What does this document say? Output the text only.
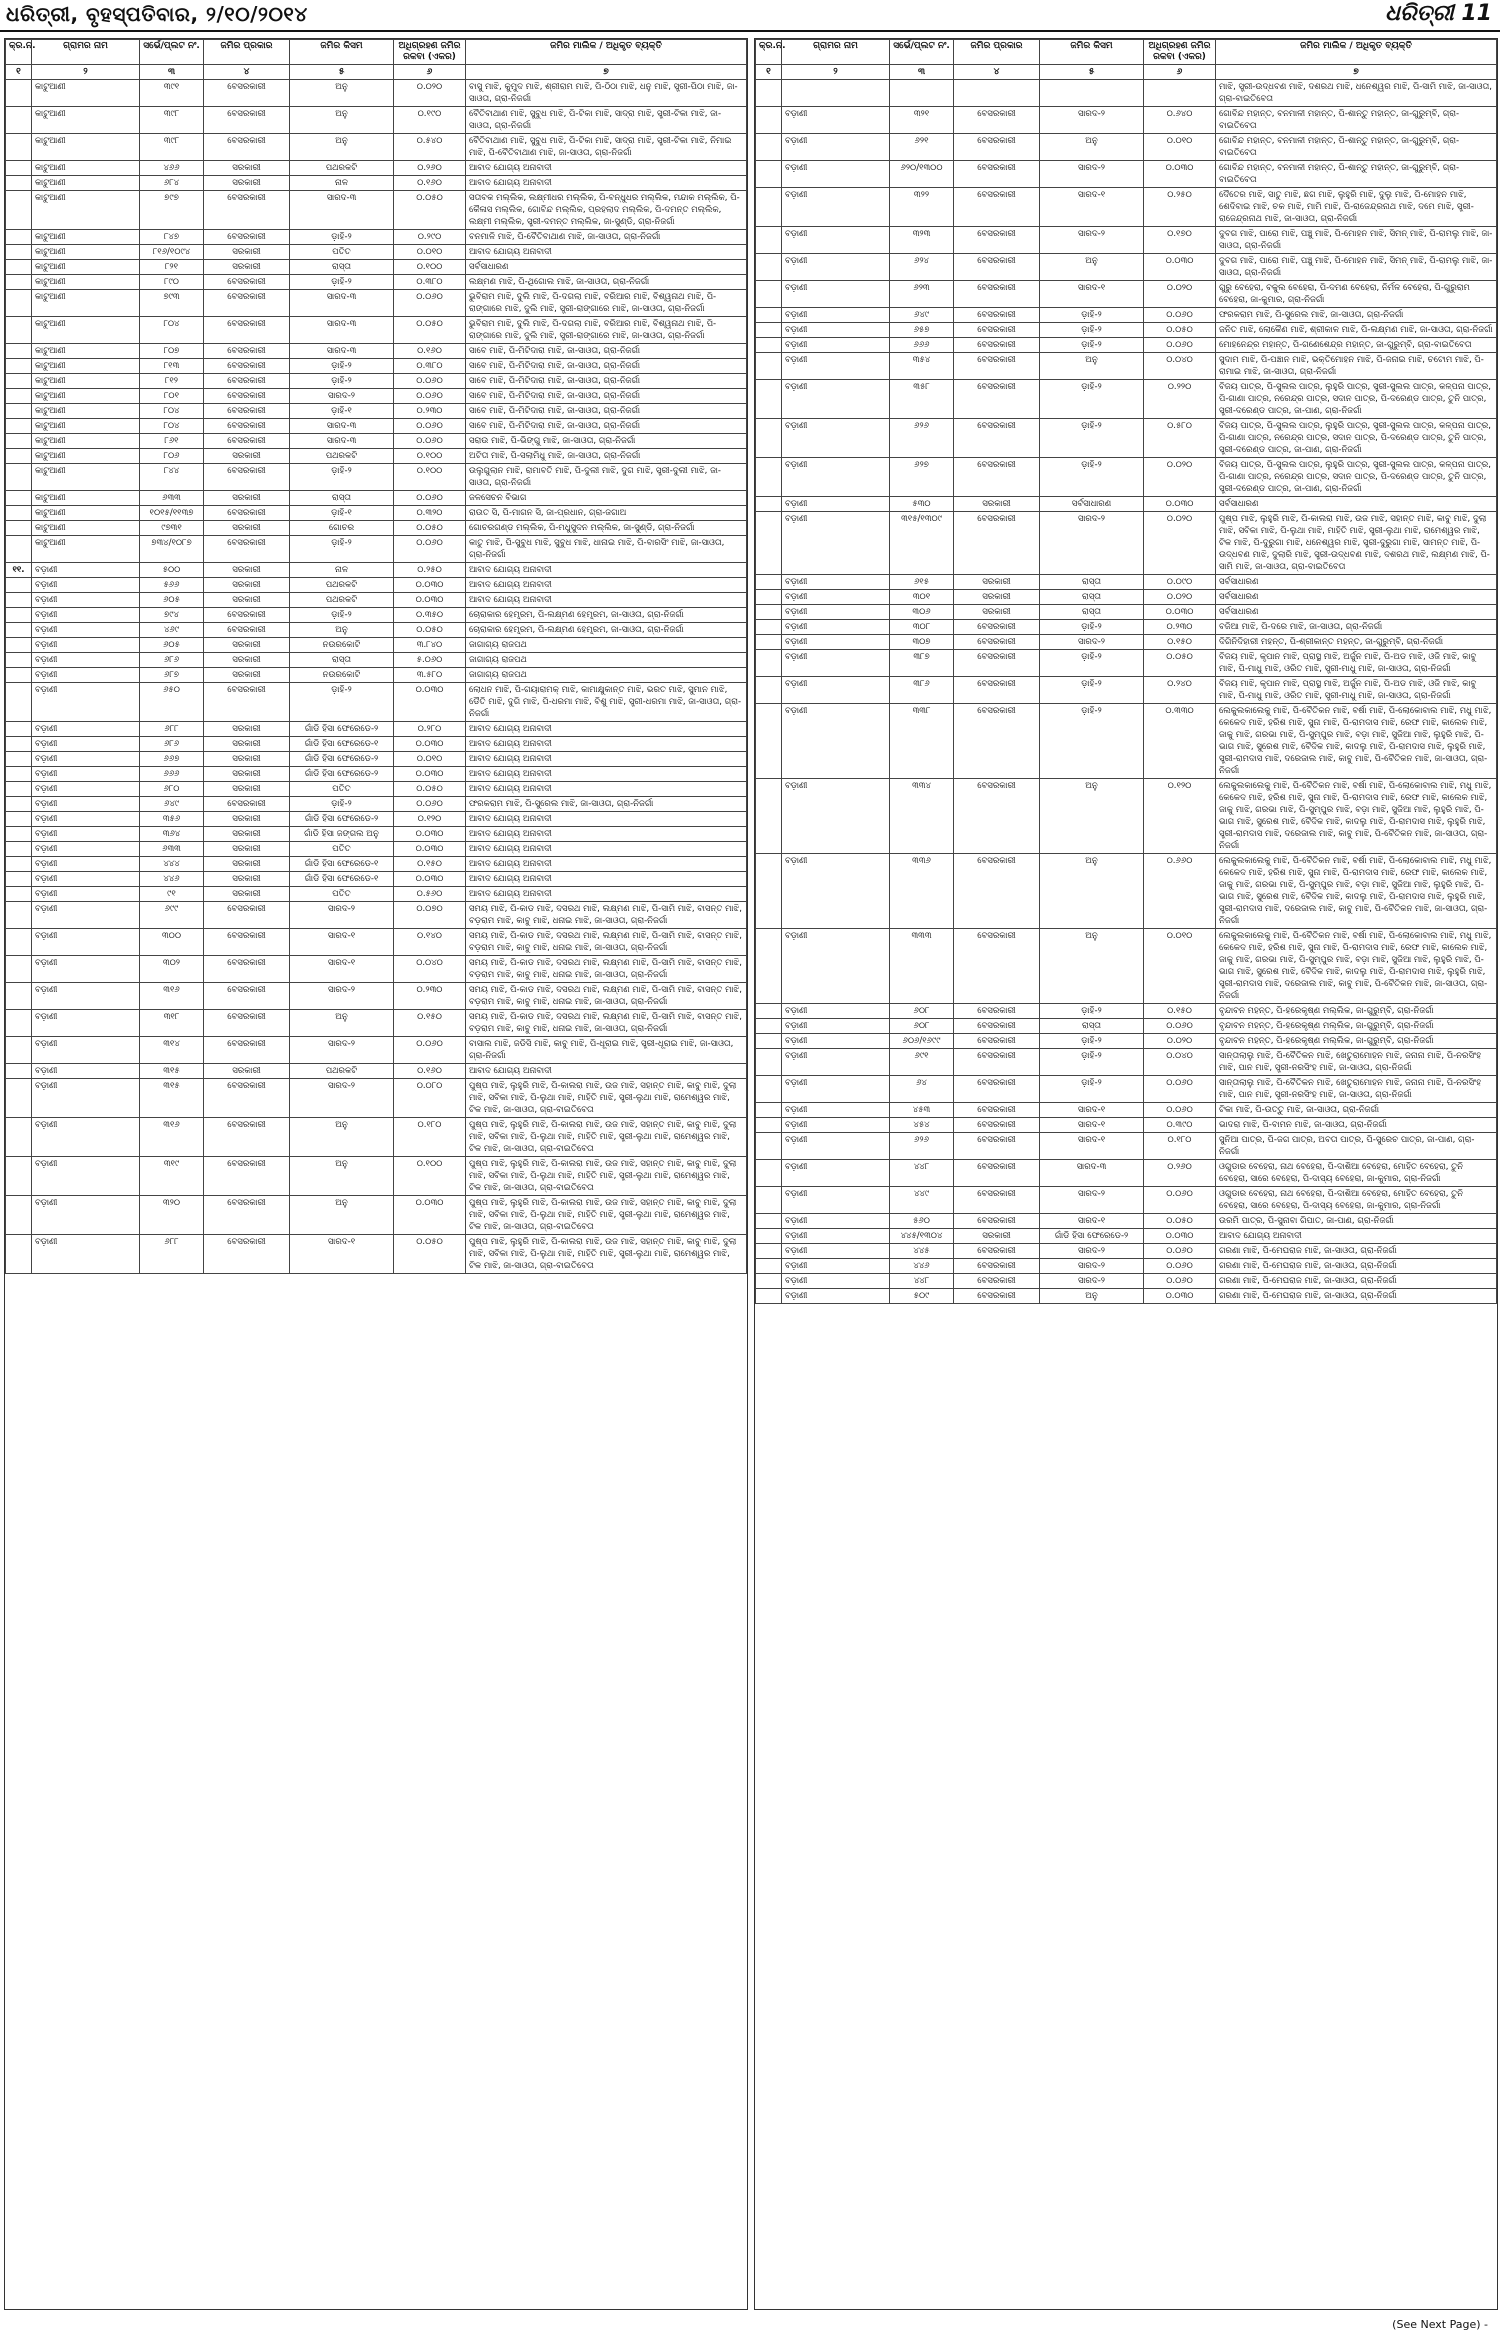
ଧରିତ୍ରୀ, ବୃହସ୍ପତିବାର, ୨/୧୦/୨୦୧୪	ଧରିତ୍ରୀ 11
କ୍ର.ନ.	ଗ୍ରାମର ନାମ	ସର୍ଭେ/ପ୍ଲଟ ନଂ.	ଜମିର ପ୍ରକାର	ଜମିର କିସମ	ଅଧିଗ୍ରହଣ ଜମିର ରକବା (ଏକର)	ଜମିର ମାଲିକ / ଅଧିକୃତ ବ୍ୟକ୍ତି
୧	୨	୩	୪	୫	୬	୭
	କାଟୁଆଣୀ	୩୯୧	ବେସରକାରୀ	ଅନୁ	୦.୦୨୦	ବାସୁ ମାଝି, କୁମୁଦ ମାଝି, ଶ୍ରୀରାମ ମାଝି, ପି-ଠିଠା ମାଝି, ଧନୁ ମାଝି, ସ୍ତ୍ରୀ-ପିଠା ମାଝି, ଜା-ସାଓତା, ଗ୍ରା-ନିଜର୍ଗା
	କାଟୁଆଣୀ	୩୯୮	ବେସରକାରୀ	ଅନୁ	୦.୧୯୦	ବୈତିବାଥାଣ ମାଝି, ସୁବୁଧ ମାଝି, ପି-ଟିକା ମାଝି, ସାଦ୍ରା ମାଝି, ସ୍ତ୍ରୀ-ଟିକା ମାଝି, ଜା-ସାଓତା, ଗ୍ରା-ନିଜର୍ଗା
	କାଟୁଆଣୀ	୩୯୮	ବେସରକାରୀ	ଅନୁ	୦.୫୪୦	ବୈତିବାଥାଣ ମାଝି, ସୁବୁଧ ମାଝି, ପି-ଟିକା ମାଝି, ସାଦ୍ରା ମାଝି, ସ୍ତ୍ରୀ-ଟିକା ମାଝି, ନିମାଇ ମାଝି, ପି-ବୈତିବାଥାଣ ମାଝି, ଜା-ସାଓତା, ଗ୍ରା-ନିଜର୍ଗା
	କାଟୁଆଣୀ	୪୬୬	ସରକାରୀ	ପଥରକଟି	୦.୨୬୦	ଆବାଦ ଯୋଗ୍ୟ ଅନାବାଦୀ
	କାଟୁଆଣୀ	୬୮୪	ସରକାରୀ	ନାଳ	୦.୧୬୦	ଆବାଦ ଯୋଗ୍ୟ ଅନାବାଦୀ
	କାଟୁଆଣୀ	୭୯୭	ବେସରକାରୀ	ସାରଦ-୩	୦.୦୫୦	ସତାବକ ମଲ୍ଲିକ, ଲକ୍ଷ୍ମୀଧର ମଲ୍ଲିକ, ପି-ବନ୍ଧୁଧର ମଲ୍ଲିକ, ମନ୍ଦାକ ମଲ୍ଲିକ, ପି-କୈଳାସ ମଲ୍ଲିକ, ଗୋବିନ୍ଦ ମଲ୍ଲିକ, ପ୍ରହଲାଦ ମଲ୍ଲିକ, ପି-ଦମନ୍ତ ମଲ୍ଲିକ, ଲକ୍ଷ୍ମୀ ମଲ୍ଲିକ, ସ୍ତ୍ରୀ-ଦମନ୍ତ ମଲ୍ଲିକ, ଜା-ସୁଣ୍ଡି, ଗ୍ରା-ନିଜର୍ଗା
	କାଟୁଆଣୀ	୮୪୭	ବେସରକାରୀ	ଡ଼ାହି-୨	୦.୨୯୦	ବନମାଳି ମାଝି, ପି-ବୈତିବାଥାଣ ମାଝି, ଜା-ସାଓତା, ଗ୍ରା-ନିଜର୍ଗା
	କାଟୁଆଣୀ	୮୧୬/୧୦୯୪	ସରକାରୀ	ପତିତ	୦.୦୧୦	ଆବାଦ ଯୋଗ୍ୟ ଅନାବାଦୀ
	କାଟୁଆଣୀ	୮୨୧	ସରକାରୀ	ରାସ୍ତା	୦.୧୦୦	ସର୍ବସାଧାରଣ
	କାଟୁଆଣୀ	୮୯୦	ବେସରକାରୀ	ଡ଼ାହି-୨	୦.୩୮୦	ଲକ୍ଷ୍ମଣ ମାଝି, ପି-ଥିଗୋଲ ମାଝି, ଜା-ସାଓତା, ଗ୍ରା-ନିଜର୍ଗା
	କାଟୁଆଣୀ	୭୯୩	ବେସରକାରୀ	ସାରଦ-୩	୦.୦୬୦	ଭୁବିରାମ ମାଝି, ଦୁଲି ମାଝି, ପି-ଦଗଲା ମାଝି, ବରିଆର ମାଝି, ବିଶ୍ୱନାଥ ମାଝି, ପି-ରାଙ୍ଗାରେ ମାଝି, ଦୁଲି ମାଝି, ସ୍ତ୍ରୀ-ରାଙ୍ଗାରେ ମାଝି, ଜା-ସାଓତା, ଗ୍ରା-ନିଜର୍ଗା
	କାଟୁଆଣୀ	୮୦୪	ବେସରକାରୀ	ସାରଦ-୩	୦.୦୫୦	ଭୁବିରାମ ମାଝି, ଦୁଲି ମାଝି, ପି-ଦଗଲା ମାଝି, ବରିଆର ମାଝି, ବିଶ୍ୱନାଥ ମାଝି, ପି-ରାଙ୍ଗାରେ ମାଝି, ଦୁଲି ମାଝି, ସ୍ତ୍ରୀ-ରାଙ୍ଗାରେ ମାଝି, ଜା-ସାଓତା, ଗ୍ରା-ନିଜର୍ଗା
	କାଟୁଆଣୀ	୮୦୭	ବେସରକାରୀ	ସାରଦ-୩	୦.୧୬୦	ସାବେ ମାଝି, ପି-ମିଟିଦାରା ମାଝି, ଜା-ସାଓତା, ଗ୍ରା-ନିଜର୍ଗା
	କାଟୁଆଣୀ	୮୧୩	ବେସରକାରୀ	ଡ଼ାହି-୨	୦.୩୮୦	ସାବେ ମାଝି, ପି-ମିଟିଦାରା ମାଝି, ଜା-ସାଓତା, ଗ୍ରା-ନିଜର୍ଗା
	କାଟୁଆଣୀ	୮୧୨	ବେସରକାରୀ	ଡ଼ାହି-୨	୦.୦୬୦	ସାବେ ମାଝି, ପି-ମିଟିଦାରା ମାଝି, ଜା-ସାଓତା, ଗ୍ରା-ନିଜର୍ଗା
	କାଟୁଆଣୀ	୮୦୧	ବେସରକାରୀ	ସାରଦ-୨	୦.୦୬୦	ସାବେ ମାଝି, ପି-ମିଟିଦାରା ମାଝି, ଜା-ସାଓତା, ଗ୍ରା-ନିଜର୍ଗା
	କାଟୁଆଣୀ	୮୦୪	ବେସରକାରୀ	ଡ଼ାହି-୧	୦.୨୩୦	ସାବେ ମାଝି, ପି-ମିଟିଦାରା ମାଝି, ଜା-ସାଓତା, ଗ୍ରା-ନିଜର୍ଗା
	କାଟୁଆଣୀ	୮୦୪	ବେସରକାରୀ	ସାରଦ-୩	୦.୦୬୦	ସାବେ ମାଝି, ପି-ମିଟିଦାରା ମାଝି, ଜା-ସାଓତା, ଗ୍ରା-ନିଜର୍ଗା
	କାଟୁଆଣୀ	୮୬୧	ବେସରକାରୀ	ସାରଦ-୩	୦.୦୬୦	ସରାଉ ମାଝି, ପି-ଭିଙ୍ଗୁ ମାଝି, ଜା-ସାଓତା, ଗ୍ରା-ନିଜର୍ଗା
	କାଟୁଆଣୀ	୮୦୬	ସରକାରୀ	ପଥରକଟି	୦.୧୦୦	ଅଟିତା ମାଝି, ପି-ସଲାମିଧୁ ମାଝି, ଜା-ସାଓତା, ଗ୍ରା-ନିଜର୍ଗା
	କାଟୁଆଣୀ	୮୪୪	ବେସରକାରୀ	ଡ଼ାହି-୨	୦.୧୦୦	ଉଲୁଗୁଲାନ ମାଝି, ରାମାବତି ମାଝି, ପି-ଦୁଲୀ ମାଝି, ଦୁଗ ମାଝି, ସ୍ତ୍ରୀ-ଦୁଲୀ ମାଝି, ଜା-ସାଓତା, ଗ୍ରା-ନିଜର୍ଗା
	କାଟୁଆଣୀ	୬୩୩	ସରକାରୀ	ରାସ୍ତା	୦.୦୬୦	ଜଳସେଚନ ବିଭାଗ
	କାଟୁଆଣୀ	୧୦୧୫/୧୧୩୭	ବେସରକାରୀ	ଡ଼ାହି-୧	୦.୩୨୦	ରାଉତ ସି, ପି-ମାଗନ ସି, ଜା-ପ୍ରଧାନ, ଗ୍ରା-ଜଗାଅ
	କାଟୁଆଣୀ	୯୭୩୧	ସରକାରୀ	ଗୋଚର	୦.୦୫୦	ଗୋଚରଗଣ୍ଡ ମଲ୍ଲିକ, ପି-ମଧୁସୁଦନ ମଲ୍ଲିକ, ଜା-ସୁଣ୍ଡି, ଗ୍ରା-ନିଜର୍ଗା
	କାଟୁଆଣୀ	୭୩୪/୧୦୮୭	ବେସରକାରୀ	ଡ଼ାହି-୨	୦.୦୬୦	କାତୁ ମାଝି, ପି-ସୁବୁଧ ମାଝି, ସୁବୁଧ ମାଝି, ଧାନାଇ ମାଝି, ପି-ବାରସିଂ ମାଝି, ଜା-ସାଓତା, ଗ୍ରା-ନିଜର୍ଗା
୧୧.	ବଡ଼ାଣୀ	୫୦୦	ସରକାରୀ	ନାଳ	୦.୨୫୦	ଆବାଦ ଯୋଗ୍ୟ ଅନାବାଦୀ
	ବଡ଼ାଣୀ	୫୬୬	ସରକାରୀ	ପଥରକଟି	୦.୦୩୦	ଆବାଦ ଯୋଗ୍ୟ ଅନାବାଦୀ
	ବଡ଼ାଣୀ	୬୦୫	ସରକାରୀ	ପଥରକଟି	୦.୦୩୦	ଆବାଦ ଯୋଗ୍ୟ ଅନାବାଦୀ
	ବଡ଼ାଣୀ	୭୯୪	ବେସରକାରୀ	ଡ଼ାହି-୨	୦.୩୫୦	ଚୋରାକାର ହେମ୍ବ୍ରମ, ପି-ଲକ୍ଷ୍ମଣ ହେମ୍ବ୍ରମ, ଜା-ସାଓତା, ଗ୍ରା-ନିଜର୍ଗା
	ବଡ଼ାଣୀ	୪୬୯	ବେସରକାରୀ	ଅନୁ	୦.୦୫୦	ଚୋରାକାର ହେମ୍ବ୍ରମ, ପି-ଲକ୍ଷ୍ମଣ ହେମ୍ବ୍ରମ, ଜା-ସାଓତା, ଗ୍ରା-ନିଜର୍ଗା
	ବଡ଼ାଣୀ	୬୦୫	ସରକାରୀ	ନଉରକୋଟି	୩.୮୪୦	ଜାଗାଗ୍ୟ ରାଜପଥ
	ବଡ଼ାଣୀ	୬୮୬	ସରକାରୀ	ରାସ୍ତା	୫.୦୬୦	ଜାଗାଗ୍ୟ ରାଜପଥ
	ବଡ଼ାଣୀ	୬୮୭	ସରକାରୀ	ନଉରକୋଟି	୩.୫୮୦	ଜାଗାଗ୍ୟ ରାଜପଥ
	ବଡ଼ାଣୀ	୬୫୦	ବେସରକାରୀ	ଡ଼ାହି-୨	୦.୦୩୦	ଲୋଧନ ମାଝି, ପି-ଗୟାରାମକ୍ ମାଝି, କାମାକ୍ଷୁକାନ୍ତ ମାଝି, ଭରତ ମାଝି, ସୁମାନ ମାଝି, ଡୈତି ମାଝି, ଦୁଗି ମାଝି, ପି-ଧରମା ମାଝି, ବିଶୁ ମାଝି, ସ୍ତ୍ରୀ-ଧରମା ମାଝି, ଜା-ସାଓତା, ଗ୍ରା-ନିଜର୍ଗା
	ବଡ଼ାଣୀ	୬୮୮	ସରକାରୀ	ଗାଁଡି ହିସା ଫେରେଡେ-୨	୦.୨୮୦	ଆବାଦ ଯୋଗ୍ୟ ଅନାବାଦୀ
	ବଡ଼ାଣୀ	୬୮୬	ସରକାରୀ	ଗାଁଡି ହିସା ଫେରେଡେ-୧	୦.୦୩୦	ଆବାଦ ଯୋଗ୍ୟ ଅନାବାଦୀ
	ବଡ଼ାଣୀ	୬୬୭	ସରକାରୀ	ଗାଁଡି ହିସା ଫେରେଡେ-୨	୦.୦୧୦	ଆବାଦ ଯୋଗ୍ୟ ଅନାବାଦୀ
	ବଡ଼ାଣୀ	୬୬୬	ସରକାରୀ	ଗାଁଡି ହିସା ଫେରେଡେ-୨	୦.୦୩୦	ଆବାଦ ଯୋଗ୍ୟ ଅନାବାଦୀ
	ବଡ଼ାଣୀ	୬୮୦	ସରକାରୀ	ପତିତ	୦.୦୫୦	ଆବାଦ ଯୋଗ୍ୟ ଅନାବାଦୀ
	ବଡ଼ାଣୀ	୬୪୯	ବେସରକାରୀ	ଡ଼ାହି-୨	୦.୦୬୦	ଫରକରାମ ମାଝି, ପି-ସୁରେଲ ମାଝି, ଜା-ସାଓତା, ଗ୍ରା-ନିଜର୍ଗା
	ବଡ଼ାଣୀ	୩୫୬	ସରକାରୀ	ଗାଁଡି ହିସା ଫେରେଡେ-୨	୦.୧୨୦	ଆବାଦ ଯୋଗ୍ୟ ଅନାବାଦୀ
	ବଡ଼ାଣୀ	୩୬୪	ସରକାରୀ	ଗାଁଡି ହିସା ଜଙ୍ଗଲ ଅନୁ	୦.୦୩୦	ଆବାଦ ଯୋଗ୍ୟ ଅନାବାଦୀ
	ବଡ଼ାଣୀ	୬୩୩	ସରକାରୀ	ପତିତ	୦.୦୩୦	ଆବାଦ ଯୋଗ୍ୟ ଅନାବାଦୀ
	ବଡ଼ାଣୀ	୪୪୪	ସରକାରୀ	ଗାଁଡି ହିସା ଫେରେଡେ-୧	୦.୧୫୦	ଆବାଦ ଯୋଗ୍ୟ ଅନାବାଦୀ
	ବଡ଼ାଣୀ	୪୪୬	ସରକାରୀ	ଗାଁଡି ହିସା ଫେରେଡେ-୧	୦.୦୩୦	ଆବାଦ ଯୋଗ୍ୟ ଅନାବାଦୀ
	ବଡ଼ାଣୀ	୯୧	ସରକାରୀ	ପତିତ	୦.୫୬୦	ଆବାଦ ଯୋଗ୍ୟ ଅନାବାଦୀ
	ବଡ଼ାଣୀ	୬୯୯	ବେସରକାରୀ	ସାରଦ-୨	୦.୦୭୦	ସମୟ ମାଝି, ପି-କାଡ ମାଝି, ଦସରଥ ମାଝି, ଲକ୍ଷ୍ମଣ ମାଝି, ପି-ସାମି ମାଝି, ବାସନ୍ତ ମାଝି, ବଡ଼ରାମ ମାଝି, କାବୁ ମାଝି, ଧନାଇ ମାଝି, ଜା-ସାଓତା, ଗ୍ରା-ନିଜର୍ଗା
	ବଡ଼ାଣୀ	୩୦୦	ବେସରକାରୀ	ସାରଦ-୧	୦.୧୪୦	ସମୟ ମାଝି, ପି-କାଡ ମାଝି, ଦସରଥ ମାଝି, ଲକ୍ଷ୍ମଣ ମାଝି, ପି-ସାମି ମାଝି, ବାସନ୍ତ ମାଝି, ବଡ଼ରାମ ମାଝି, କାବୁ ମାଝି, ଧନାଇ ମାଝି, ଜା-ସାଓତା, ଗ୍ରା-ନିଜର୍ଗା
	ବଡ଼ାଣୀ	୩୦୨	ବେସରକାରୀ	ସାରଦ-୧	୦.୦୪୦	ସମୟ ମାଝି, ପି-କାଡ ମାଝି, ଦସରଥ ମାଝି, ଲକ୍ଷ୍ମଣ ମାଝି, ପି-ସାମି ମାଝି, ବାସନ୍ତ ମାଝି, ବଡ଼ରାମ ମାଝି, କାବୁ ମାଝି, ଧନାଇ ମାଝି, ଜା-ସାଓତା, ଗ୍ରା-ନିଜର୍ଗା
	ବଡ଼ାଣୀ	୩୧୬	ବେସରକାରୀ	ସାରଦ-୨	୦.୨୩୦	ସମୟ ମାଝି, ପି-କାଡ ମାଝି, ଦସରଥ ମାଝି, ଲକ୍ଷ୍ମଣ ମାଝି, ପି-ସାମି ମାଝି, ବାସନ୍ତ ମାଝି, ବଡ଼ରାମ ମାଝି, କାବୁ ମାଝି, ଧନାଇ ମାଝି, ଜା-ସାଓତା, ଗ୍ରା-ନିଜର୍ଗା
	ବଡ଼ାଣୀ	୩୧୮	ବେସରକାରୀ	ଅନୁ	୦.୧୫୦	ସମୟ ମାଝି, ପି-କାଡ ମାଝି, ଦସରଥ ମାଝି, ଲକ୍ଷ୍ମଣ ମାଝି, ପି-ସାମି ମାଝି, ବାସନ୍ତ ମାଝି, ବଡ଼ରାମ ମାଝି, କାବୁ ମାଝି, ଧନାଇ ମାଝି, ଜା-ସାଓତା, ଗ୍ରା-ନିଜର୍ଗା
	ବଡ଼ାଣୀ	୩୧୪	ବେସରକାରୀ	ସାରଦ-୨	୦.୦୬୦	ବାସାଲ ମାଝି, ଜଡିସି ମାଝି, କାବୁ ମାଝି, ପି-ଧୂରାଇ ମାଝି, ସ୍ତ୍ରୀ-ଧୂରାଇ ମାଝି, ଜା-ସାଓତା, ଗ୍ରା-ନିଜର୍ଗା
	ବଡ଼ାଣୀ	୩୧୫	ସରକାରୀ	ପଥରକଟି	୦.୧୬୦	ଆବାଦ ଯୋଗ୍ୟ ଅନାବାଦୀ
	ବଡ଼ାଣୀ	୩୧୫	ବେସରକାରୀ	ସାରଦ-୨	୦.୦୮୦	ପୁଷ୍ପ ମାଝି, ଲୁହୁରି ମାଝି, ପି-କାଲରା ମାଝି, ଉଜ ମାଝି, ସହାନ୍ତ ମାଝି, କାବୁ ମାଝି, ଦୁଲା ମାଝି, ସବିକା ମାଝି, ପି-ଲୁଥା ମାଝି, ମାହିତି ମାଝି, ସ୍ତ୍ରୀ-ଲୁଥା ମାଝି, ରାମେଶ୍ୱର ମାଝି, ଟିକ ମାଝି, ଜା-ସାଓତା, ଗ୍ରା-ବାଇତିବେତା
	ବଡ଼ାଣୀ	୩୧୬	ବେସରକାରୀ	ଅନୁ	୦.୧୮୦	ପୁଷ୍ପ ମାଝି, ଲୁହୁରି ମାଝି, ପି-କାଲରା ମାଝି, ଉଜ ମାଝି, ସହାନ୍ତ ମାଝି, କାବୁ ମାଝି, ଦୁଲା ମାଝି, ସବିକା ମାଝି, ପି-ଲୁଥା ମାଝି, ମାହିତି ମାଝି, ସ୍ତ୍ରୀ-ଲୁଥା ମାଝି, ରାମେଶ୍ୱର ମାଝି, ଟିକ ମାଝି, ଜା-ସାଓତା, ଗ୍ରା-ବାଇତିବେତା
	ବଡ଼ାଣୀ	୩୧୯	ବେସରକାରୀ	ଅନୁ	୦.୧୦୦	ପୁଷ୍ପ ମାଝି, ଲୁହୁରି ମାଝି, ପି-କାଲରା ମାଝି, ଉଜ ମାଝି, ସହାନ୍ତ ମାଝି, କାବୁ ମାଝି, ଦୁଲା ମାଝି, ସବିକା ମାଝି, ପି-ଲୁଥା ମାଝି, ମାହିତି ମାଝି, ସ୍ତ୍ରୀ-ଲୁଥା ମାଝି, ରାମେଶ୍ୱର ମାଝି, ଟିକ ମାଝି, ଜା-ସାଓତା, ଗ୍ରା-ବାଇତିବେତା
	ବଡ଼ାଣୀ	୩୨୦	ବେସରକାରୀ	ଅନୁ	୦.୦୩୦	ପୁଷ୍ପ ମାଝି, ଲୁହୁରି ମାଝି, ପି-କାଲରା ମାଝି, ଉଜ ମାଝି, ସହାନ୍ତ ମାଝି, କାବୁ ମାଝି, ଦୁଲା ମାଝି, ସବିକା ମାଝି, ପି-ଲୁଥା ମାଝି, ମାହିତି ମାଝି, ସ୍ତ୍ରୀ-ଲୁଥା ମାଝି, ରାମେଶ୍ୱର ମାଝି, ଟିକ ମାଝି, ଜା-ସାଓତା, ଗ୍ରା-ବାଇତିବେତା
	ବଡ଼ାଣୀ	୬୮୮	ବେସରକାରୀ	ସାରଦ-୧	୦.୦୫୦	ପୁଷ୍ପ ମାଝି, ଲୁହୁରି ମାଝି, ପି-କାଲରା ମାଝି, ଉଜ ମାଝି, ସହାନ୍ତ ମାଝି, କାବୁ ମାଝି, ଦୁଲା ମାଝି, ସବିକା ମାଝି, ପି-ଲୁଥା ମାଝି, ମାହିତି ମାଝି, ସ୍ତ୍ରୀ-ଲୁଥା ମାଝି, ରାମେଶ୍ୱର ମାଝି, ଟିକ ମାଝି, ଜା-ସାଓତା, ଗ୍ରା-ବାଇତିବେତା
କ୍ର.ନ.	ଗ୍ରାମର ନାମ	ସର୍ଭେ/ପ୍ଲଟ ନଂ.	ଜମିର ପ୍ରକାର	ଜମିର କିସମ	ଅଧିଗ୍ରହଣ ଜମିର ରକବା (ଏକର)	ଜମିର ମାଲିକ / ଅଧିକୃତ ବ୍ୟକ୍ତି
୧	୨	୩	୪	୫	୬	୭
						ମାଝି, ସ୍ତ୍ରୀ-ଉଦ୍ଧବଣ ମାଝି, ଦଶରଥ ମାଝି, ଧନେଶ୍ୱର ମାଝି, ପି-ସାମି ମାଝି, ଜା-ସାଓତା, ଗ୍ରା-ବାଇତିବେତା
	ବଡ଼ାଣୀ	୩୨୧	ବେସରକାରୀ	ସାରଦ-୨	୦.୬୪୦	ଗୋବିନ୍ଦ ମହାନ୍ତ, ବନମାଳୀ ମହାନ୍ତ, ପି-ଶାନ୍ତୁ ମହାନ୍ତ, ଜା-ଗୁରୁମ୍ବି, ଗ୍ରା-ବାଇତିବେତା
	ବଡ଼ାଣୀ	୬୨୧	ବେସରକାରୀ	ଅନୁ	୦.୦୧୦	ଗୋବିନ୍ଦ ମହାନ୍ତ, ବନମାଳୀ ମହାନ୍ତ, ପି-ଶାନ୍ତୁ ମହାନ୍ତ, ଜା-ଗୁରୁମ୍ବି, ଗ୍ରା-ବାଇତିବେତା
	ବଡ଼ାଣୀ	୬୨୦/୧୩୦୦	ବେସରକାରୀ	ସାରଦ-୨	୦.୦୩୦	ଗୋବିନ୍ଦ ମହାନ୍ତ, ବନମାଳୀ ମହାନ୍ତ, ପି-ଶାନ୍ତୁ ମହାନ୍ତ, ଜା-ଗୁରୁମ୍ବି, ଗ୍ରା-ବାଇତିବେତା
	ବଡ଼ାଣୀ	୩୨୨	ବେସରକାରୀ	ସାରଦ-୧	୦.୨୫୦	ଦୈତେର ମାଝି, ସାତୁ ମାଝି, ଛଗ ମାଝି, ଲୁହୁରି ମାଝି, ଦୁଲୁ ମାଝି, ପି-ମୋହନ ମାଝି, ଶେଦିବାଇ ମାଝି, ଚକ ମାଝି, ମାମି ମାଝି, ପି-ରାଜେନ୍ଦ୍ରନାଥ ମାଝି, ଦମେ ମାଝି, ସ୍ତ୍ରୀ-ରାଜେନ୍ଦ୍ରନାଥ ମାଝି, ଜା-ସାଓତା, ଗ୍ରା-ନିଜର୍ଗା
	ବଡ଼ାଣୀ	୩୨୩	ବେସରକାରୀ	ସାରଦ-୨	୦.୧୭୦	ଦୁବଗ ମାଝି, ପାରୋ ମାଝି, ପଞ୍ଚୁ ମାଝି, ପି-ମୋହନ ମାଝି, ସିମନ୍ ମାଝି, ପି-ରାମଲୁ ମାଝି, ଜା-ସାଓତା, ଗ୍ରା-ନିଜର୍ଗା
	ବଡ଼ାଣୀ	୬୨୪	ବେସରକାରୀ	ଅନୁ	୦.୦୩୦	ଦୁବଗ ମାଝି, ପାରୋ ମାଝି, ପଞ୍ଚୁ ମାଝି, ପି-ମୋହନ ମାଝି, ସିମନ୍ ମାଝି, ପି-ରାମଲୁ ମାଝି, ଜା-ସାଓତା, ଗ୍ରା-ନିଜର୍ଗା
	ବଡ଼ାଣୀ	୬୨୩	ବେସରକାରୀ	ସାରଦ-୧	୦.୦୨୦	ଗୁରୁ ବେହେରା, ବକୁଲ ବେହେରା, ପି-ଦମଣ ବେହେରା, ନିର୍ମଳ ବେହେରା, ପି-ଗୁରୁରାମ ବେହେରା, ଜା-କୁମାର, ଗ୍ରା-ନିଜର୍ଗା
	ବଡ଼ାଣୀ	୬୪୯	ବେସରକାରୀ	ଡ଼ାହି-୨	୦.୦୬୦	ଫରକରାମ ମାଝି, ପି-ସୁରେଲ ମାଝି, ଜା-ସାଓତା, ଗ୍ରା-ନିଜର୍ଗା
	ବଡ଼ାଣୀ	୬୫୭	ବେସରକାରୀ	ଡ଼ାହି-୨	୦.୦୫୦	ଜନିତ ମାଝି, ଲୋକୈଣ ମାଝି, ଶ୍ରୀକାଳ ମାଝି, ପି-ଲକ୍ଷ୍ମଣ ମାଝି, ଜା-ସାଓତା, ଗ୍ରା-ନିଜର୍ଗା
	ବଡ଼ାଣୀ	୬୬୬	ବେସରକାରୀ	ଡ଼ାହି-୨	୦.୦୬୦	ମୋହନେନ୍ଦ୍ର ମହାନ୍ତ, ପି-ଗଣେଶେନ୍ଦ୍ର ମହାନ୍ତ, ଜା-ଗୁରୁମ୍ବି, ଗ୍ରା-ବାଇତିବେତା
	ବଡ଼ାଣୀ	୩୫୪	ବେସରକାରୀ	ଅନୁ	୦.୦୪୦	ସୁଦାମ ମାଝି, ପି-ପଞ୍ଚାନ ମାଝି, ଭକ୍ତିମୋହନ ମାଝି, ପି-ଜନାଇ ମାଝି, ଚଟୋମ ମାଝି, ପି-ରାମାଇ ମାଝି, ଜା-ସାଓତା, ଗ୍ରା-ନିଜର୍ଗା
	ବଡ଼ାଣୀ	୩୫୮	ବେସରକାରୀ	ଡ଼ାହି-୨	୦.୨୨୦	ବିଜୟ ପାତ୍ର, ପି-ସୁଲଲ ପାତ୍ର, ଲୁହୁରି ପାତ୍ର, ସ୍ତ୍ରୀ-ସୁଲଲ ପାତ୍ର, କଳ୍ପନା ପାତ୍ର, ପି-ଗାଣା ପାତ୍ର, ନରେନ୍ଦ୍ର ପାତ୍ର, ସଦାନ ପାତ୍ର, ପି-ଦରେଣ୍ଡ ପାତ୍ର, ତୁନି ପାତ୍ର, ସ୍ତ୍ରୀ-ଦରେଣ୍ଡ ପାତ୍ର, ଜା-ପାଣ, ଗ୍ରା-ନିଜର୍ଗା
	ବଡ଼ାଣୀ	୬୨୬	ବେସରକାରୀ	ଡ଼ାହି-୨	୦.୫୮୦	ବିଜୟ ପାତ୍ର, ପି-ସୁଲଲ ପାତ୍ର, ଲୁହୁରି ପାତ୍ର, ସ୍ତ୍ରୀ-ସୁଲଲ ପାତ୍ର, କଳ୍ପନା ପାତ୍ର, ପି-ଗାଣା ପାତ୍ର, ନରେନ୍ଦ୍ର ପାତ୍ର, ସଦାନ ପାତ୍ର, ପି-ଦରେଣ୍ଡ ପାତ୍ର, ତୁନି ପାତ୍ର, ସ୍ତ୍ରୀ-ଦରେଣ୍ଡ ପାତ୍ର, ଜା-ପାଣ, ଗ୍ରା-ନିଜର୍ଗା
	ବଡ଼ାଣୀ	୬୨୭	ବେସରକାରୀ	ଡ଼ାହି-୨	୦.୦୨୦	ବିଜୟ ପାତ୍ର, ପି-ସୁଲଲ ପାତ୍ର, ଲୁହୁରି ପାତ୍ର, ସ୍ତ୍ରୀ-ସୁଲଲ ପାତ୍ର, କଳ୍ପନା ପାତ୍ର, ପି-ଗାଣା ପାତ୍ର, ନରେନ୍ଦ୍ର ପାତ୍ର, ସଦାନ ପାତ୍ର, ପି-ଦରେଣ୍ଡ ପାତ୍ର, ତୁନି ପାତ୍ର, ସ୍ତ୍ରୀ-ଦରେଣ୍ଡ ପାତ୍ର, ଜା-ପାଣ, ଗ୍ରା-ନିଜର୍ଗା
	ବଡ଼ାଣୀ	୫୩୦	ସରକାରୀ	ସର୍ବସାଧାରଣ	୦.୦୩୦	ସର୍ବସାଧାରଣ
	ବଡ଼ାଣୀ	୩୧୫/୧୩୦୯	ବେସରକାରୀ	ସାରଦ-୨	୦.୦୨୦	ପୁଷ୍ପ ମାଝି, ଲୁହୁରି ମାଝି, ପି-କାଲରା ମାଝି, ଉଜ ମାଝି, ସହାନ୍ତ ମାଝି, କାବୁ ମାଝି, ଦୁଲା ମାଝି, ସବିକା ମାଝି, ପି-ଲୁଥା ମାଝି, ମାହିତି ମାଝି, ସ୍ତ୍ରୀ-ଲୁଥା ମାଝି, ରାମେଶ୍ୱର ମାଝି, ଟିକ ମାଝି, ପି-ଦୁରୁଗା ମାଝି, ଧନେଶ୍ୱର ମାଝି, ସ୍ତ୍ରୀ-ଦୁରୁଗା ମାଝି, ସାମନ୍ତ ମାଝି, ପି-ଉଦ୍ଧବଣ ମାଝି, ଦୁଲାରି ମାଝି, ସ୍ତ୍ରୀ-ଉଦ୍ଧବଣ ମାଝି, ଦଶରଥ ମାଝି, ଲକ୍ଷ୍ମଣ ମାଝି, ପି-ସାମି ମାଝି, ଜା-ସାଓତା, ଗ୍ରା-ବାଇତିବେତା
	ବଡ଼ାଣୀ	୬୧୫	ସରକାରୀ	ରାସ୍ତା	୦.୦୯୦	ସର୍ବସାଧାରଣ
	ବଡ଼ାଣୀ	୩୦୧	ସରକାରୀ	ରାସ୍ତା	୦.୦୨୦	ସର୍ବସାଧାରଣ
	ବଡ଼ାଣୀ	୩୦୬	ସରକାରୀ	ରାସ୍ତା	୦.୦୩୦	ସର୍ବସାଧାରଣ
	ବଡ଼ାଣୀ	୩୦୮	ବେସରକାରୀ	ଡ଼ାହି-୨	୦.୨୩୦	ବଜିଆ ମାଝି, ପି-ଦରେ ମାଝି, ଜା-ସାଓତା, ଗ୍ରା-ନିଜର୍ଗା
	ବଡ଼ାଣୀ	୩୦୭	ବେସରକାରୀ	ସାରଦ-୨	୦.୧୫୦	ଦିଗିନିଦିହାରୀ ମହନ୍ତ, ପି-ଶ୍ରୀକାନ୍ତ ମହନ୍ତ, ଜା-ଗୁରୁମ୍ବି, ଗ୍ରା-ନିଜର୍ଗା
	ବଡ଼ାଣୀ	୩୮୭	ବେସରକାରୀ	ଡ଼ାହି-୨	୦.୦୫୦	ବିଜୟ ମାଝି, କୃପାନ ମାଝି, ପ୍ରାସ୍ଥ ମାଝି, ଅର୍ଜୁନ ମାଝି, ପି-ଅଡ ମାଝି, ଓଜି ମାଝି, କାବୁ ମାଝି, ପି-ମାଧୁ ମାଝି, ଓରିତ ମାଝି, ସ୍ତ୍ରୀ-ମାଧୁ ମାଝି, ଜା-ସାଓତା, ଗ୍ରା-ନିଜର୍ଗା
	ବଡ଼ାଣୀ	୩୮୬	ବେସରକାରୀ	ଡ଼ାହି-୨	୦.୨୪୦	ବିଜୟ ମାଝି, କୃପାନ ମାଝି, ପ୍ରାସ୍ଥ ମାଝି, ଅର୍ଜୁନ ମାଝି, ପି-ଅଡ ମାଝି, ଓଜି ମାଝି, କାବୁ ମାଝି, ପି-ମାଧୁ ମାଝି, ଓରିତ ମାଝି, ସ୍ତ୍ରୀ-ମାଧୁ ମାଝି, ଜା-ସାଓତା, ଗ୍ରା-ନିଜର୍ଗା
	ବଡ଼ାଣୀ	୩୩୮	ବେସରକାରୀ	ଡ଼ାହି-୨	୦.୩୩୦	ଲେକୁଲକାଲେକୁ ମାଝି, ପି-ବୈତିକନ ମାଝି, ବର୍ଷା ମାଝି, ପି-ଲୋକୋବାଲ ମାଝି, ମଧୁ ମାଝି, କେକେଦ ମାଝି, ହରିଶ ମାଝି, ସୁନା ମାଝି, ପି-ରାମଦାସ ମାଝି, ରେଫ ମାଝି, କାଲେକ ମାଝି, ଜାକୁ ମାଝି, ଗରଭା ମାଝି, ପି-ସୁମ୍ପୁର ମାଝି, ବଡ଼ା ମାଝି, ସୁଜିଆ ମାଝି, ଲୁହୁରି ମାଝି, ପି-ଭାଗ ମାଝି, ସୁରେଶ ମାଝି, ବୈଦିକ ମାଝି, କାଦଲୁ ମାଝି, ପି-ରାମଦାସ ମାଝି, ଲୁହୁରି ମାଝି, ସ୍ତ୍ରୀ-ରାମଦାସ ମାଝି, ଦରେଜାଲ ମାଝି, କାବୁ ମାଝି, ପି-ବୈତିକନ ମାଝି, ଜା-ସାଓତା, ଗ୍ରା-ନିଜର୍ଗା
	ବଡ଼ାଣୀ	୩୩୪	ବେସରକାରୀ	ଅନୁ	୦.୧୨୦	ଲେକୁଲକାଲେକୁ ମାଝି, ପି-ବୈତିକନ ମାଝି, ବର୍ଷା ମାଝି, ପି-ଲୋକୋବାଲ ମାଝି, ମଧୁ ମାଝି, କେକେଦ ମାଝି, ହରିଶ ମାଝି, ସୁନା ମାଝି, ପି-ରାମଦାସ ମାଝି, ରେଫ ମାଝି, କାଲେକ ମାଝି, ଜାକୁ ମାଝି, ଗରଭା ମାଝି, ପି-ସୁମ୍ପୁର ମାଝି, ବଡ଼ା ମାଝି, ସୁଜିଆ ମାଝି, ଲୁହୁରି ମାଝି, ପି-ଭାଗ ମାଝି, ସୁରେଶ ମାଝି, ବୈଦିକ ମାଝି, କାଦଲୁ ମାଝି, ପି-ରାମଦାସ ମାଝି, ଲୁହୁରି ମାଝି, ସ୍ତ୍ରୀ-ରାମଦାସ ମାଝି, ଦରେଜାଲ ମାଝି, କାବୁ ମାଝି, ପି-ବୈତିକନ ମାଝି, ଜା-ସାଓତା, ଗ୍ରା-ନିଜର୍ଗା
	ବଡ଼ାଣୀ	୩୩୬	ବେସରକାରୀ	ଅନୁ	୦.୬୬୦	ଲେକୁଲକାଲେକୁ ମାଝି, ପି-ବୈତିକନ ମାଝି, ବର୍ଷା ମାଝି, ପି-ଲୋକୋବାଲ ମାଝି, ମଧୁ ମାଝି, କେକେଦ ମାଝି, ହରିଶ ମାଝି, ସୁନା ମାଝି, ପି-ରାମଦାସ ମାଝି, ରେଫ ମାଝି, କାଲେକ ମାଝି, ଜାକୁ ମାଝି, ଗରଭା ମାଝି, ପି-ସୁମ୍ପୁର ମାଝି, ବଡ଼ା ମାଝି, ସୁଜିଆ ମାଝି, ଲୁହୁରି ମାଝି, ପି-ଭାଗ ମାଝି, ସୁରେଶ ମାଝି, ବୈଦିକ ମାଝି, କାଦଲୁ ମାଝି, ପି-ରାମଦାସ ମାଝି, ଲୁହୁରି ମାଝି, ସ୍ତ୍ରୀ-ରାମଦାସ ମାଝି, ଦରେଜାଲ ମାଝି, କାବୁ ମାଝି, ପି-ବୈତିକନ ମାଝି, ଜା-ସାଓତା, ଗ୍ରା-ନିଜର୍ଗା
	ବଡ଼ାଣୀ	୩୩୩	ବେସରକାରୀ	ଅନୁ	୦.୦୧୦	ଲେକୁଲକାଲେକୁ ମାଝି, ପି-ବୈତିକନ ମାଝି, ବର୍ଷା ମାଝି, ପି-ଲୋକୋବାଲ ମାଝି, ମଧୁ ମାଝି, କେକେଦ ମାଝି, ହରିଶ ମାଝି, ସୁନା ମାଝି, ପି-ରାମଦାସ ମାଝି, ରେଫ ମାଝି, କାଲେକ ମାଝି, ଜାକୁ ମାଝି, ଗରଭା ମାଝି, ପି-ସୁମ୍ପୁର ମାଝି, ବଡ଼ା ମାଝି, ସୁଜିଆ ମାଝି, ଲୁହୁରି ମାଝି, ପି-ଭାଗ ମାଝି, ସୁରେଶ ମାଝି, ବୈଦିକ ମାଝି, କାଦଲୁ ମାଝି, ପି-ରାମଦାସ ମାଝି, ଲୁହୁରି ମାଝି, ସ୍ତ୍ରୀ-ରାମଦାସ ମାଝି, ଦରେଜାଲ ମାଝି, କାବୁ ମାଝି, ପି-ବୈତିକନ ମାଝି, ଜା-ସାଓତା, ଗ୍ରା-ନିଜର୍ଗା
	ବଡ଼ାଣୀ	୬୦୮	ବେସରକାରୀ	ଡ଼ାହି-୨	୦.୧୫୦	ବୃନ୍ଦାବନ ମହନ୍ତ, ପି-ହରେକୃଷ୍ଣ ମଲ୍ଲିକ, ଜା-ଗୁରୁମ୍ବି, ଗ୍ରା-ନିଜର୍ଗା
	ବଡ଼ାଣୀ	୬୦୮	ବେସରକାରୀ	ରାସ୍ତା	୦.୦୬୦	ବୃନ୍ଦାବନ ମହନ୍ତ, ପି-ହରେକୃଷ୍ଣ ମଲ୍ଲିକ, ଜା-ଗୁରୁମ୍ବି, ଗ୍ରା-ନିଜର୍ଗା
	ବଡ଼ାଣୀ	୬୦୬/୧୬୯୯	ବେସରକାରୀ	ଡ଼ାହି-୨	୦.୦୨୦	ବୃନ୍ଦାବନ ମହନ୍ତ, ପି-ହରେକୃଷ୍ଣ ମଲ୍ଲିକ, ଜା-ଗୁରୁମ୍ବି, ଗ୍ରା-ନିଜର୍ଗା
	ବଡ଼ାଣୀ	୬୯୧	ବେସରକାରୀ	ଡ଼ାହି-୨	୦.୦୪୦	ସାନ୍ତାଲାଲୁ ମାଝି, ପି-ବୈତିକନ ମାଝି, ଖେତୁରାମୋହନ ମାଝି, ଜନାନା ମାଝି, ପି-ନରସିଂହ ମାଝି, ପାନ ମାଝି, ସ୍ତ୍ରୀ-ନରସିଂହ ମାଝି, ଜା-ସାଓତା, ଗ୍ରା-ନିଜର୍ଗା
	ବଡ଼ାଣୀ	୬୪	ବେସରକାରୀ	ଡ଼ାହି-୨	୦.୦୬୦	ସାନ୍ତାଲାଲୁ ମାଝି, ପି-ବୈତିକନ ମାଝି, ଖେତୁରାମୋହନ ମାଝି, ଜନାନା ମାଝି, ପି-ନରସିଂହ ମାଝି, ପାନ ମାଝି, ସ୍ତ୍ରୀ-ନରସିଂହ ମାଝି, ଜା-ସାଓତା, ଗ୍ରା-ନିଜର୍ଗା
	ବଡ଼ାଣୀ	୪୫୩	ବେସରକାରୀ	ସାରଦ-୧	୦.୦୬୦	ଟିକା ମାଝି, ପି-ଉତ୍ତୁ ମାଝି, ଜା-ସାଓତା, ଗ୍ରା-ନିଜର୍ଗା
	ବଡ଼ାଣୀ	୪୫୪	ବେସରକାରୀ	ସାରଦ-୧	୦.୩୯୦	ଭାଦରା ମାଝି, ପି-ବାମନ ମାଝି, ଜା-ସାଓତା, ଗ୍ରା-ନିଜର୍ଗା
	ବଡ଼ାଣୀ	୬୨୬	ବେସରକାରୀ	ସାରଦ-୧	୦.୧୮୦	ସୁନିଆ ପାତ୍ର, ପି-ଜଗ ପାତ୍ର, ଅବତା ପାତ୍ର, ପି-ସୁରେଚ ପାତ୍ର, ଜା-ପାଣ, ଗ୍ରା-ନିଜର୍ଗା
	ବଡ଼ାଣୀ	୪୪୮	ବେସରକାରୀ	ସାରଦ-୩	୦.୨୬୦	ଓଗୁଡାର ବେହେରା, ନାଥ ବେହେରା, ପି-ଦାଶିଆ ବେହେରା, ମୋହିତ ବେହେରା, ତୁନି ବେହେରା, ସାରେ ବେହେରା, ପି-ଦାସ୍ୟ ବେହେରା, ଜା-କୁମାର, ଗ୍ରା-ନିଜର୍ଗା
	ବଡ଼ାଣୀ	୪୪୯	ବେସରକାରୀ	ସାରଦ-୨	୦.୦୬୦	ଓଗୁଡାର ବେହେରା, ନାଥ ବେହେରା, ପି-ଦାଶିଆ ବେହେରା, ମୋହିତ ବେହେରା, ତୁନି ବେହେରା, ସାରେ ବେହେରା, ପି-ଦାସ୍ୟ ବେହେରା, ଜା-କୁମାର, ଗ୍ରା-ନିଜର୍ଗା
	ବଡ଼ାଣୀ	୫୬୦	ବେସରକାରୀ	ସାରଦ-୧	୦.୦୫୦	ଉରମି ପାତ୍ର, ପି-ସୁନାବା ଗିପାତ, ଜା-ପାଣ, ଗ୍ରା-ନିଜର୍ଗା
	ବଡ଼ାଣୀ	୪୪୫/୧୩୦୪	ସରକାରୀ	ଗାଁଡି ହିସା ଫେରେଡେ-୨	୦.୦୩୦	ଆବାଦ ଯୋଗ୍ୟ ଅନାବାଦୀ
	ବଡ଼ାଣୀ	୪୪୫	ବେସରକାରୀ	ସାରଦ-୨	୦.୦୬୦	ଗରଣା ମାଝି, ପି-ମେଘରାଜ ମାଝି, ଜା-ସାଓତା, ଗ୍ରା-ନିଜର୍ଗା
	ବଡ଼ାଣୀ	୪୪୬	ବେସରକାରୀ	ସାରଦ-୨	୦.୦୬୦	ଗରଣା ମାଝି, ପି-ମେଘରାଜ ମାଝି, ଜା-ସାଓତା, ଗ୍ରା-ନିଜର୍ଗା
	ବଡ଼ାଣୀ	୪୪୮	ବେସରକାରୀ	ସାରଦ-୨	୦.୦୬୦	ଗରଣା ମାଝି, ପି-ମେଘରାଜ ମାଝି, ଜା-ସାଓତା, ଗ୍ରା-ନିଜର୍ଗା
	ବଡ଼ାଣୀ	୫୦୯	ବେସରକାରୀ	ଅନୁ	୦.୦୩୦	ଗରଣା ମାଝି, ପି-ମେଘରାଜ ମାଝି, ଜା-ସାଓତା, ଗ୍ରା-ନିଜର୍ଗା
(See Next Page) -
